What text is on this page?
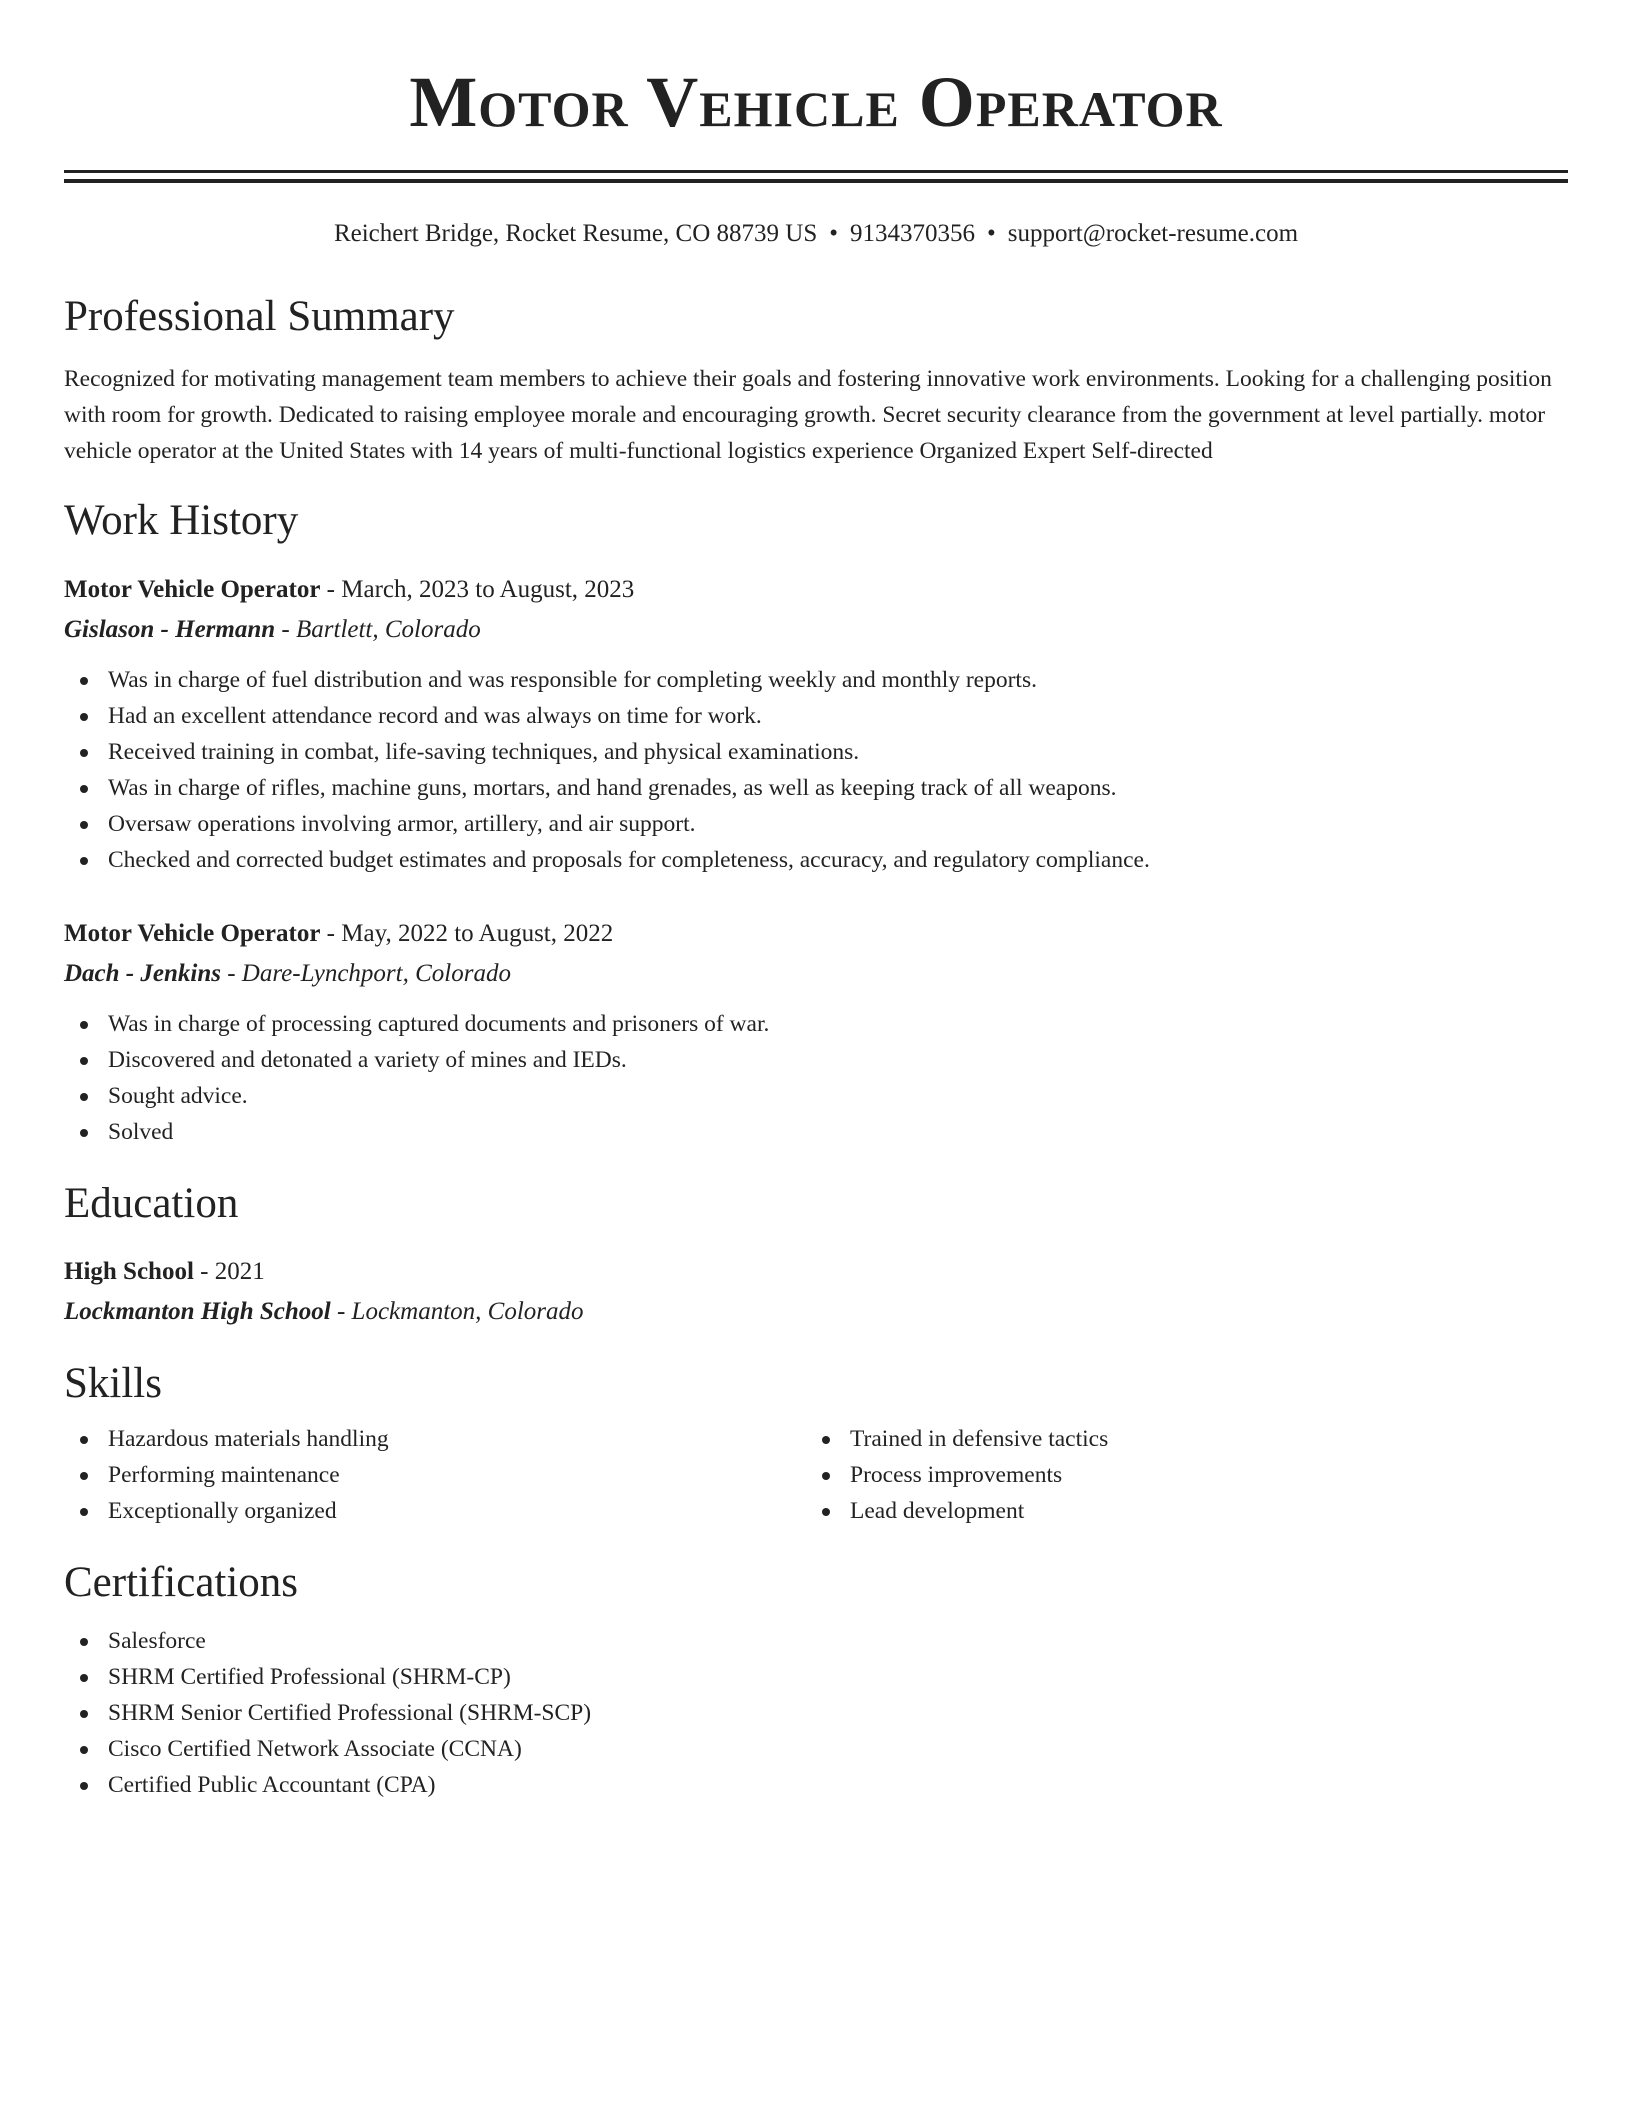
Motor Vehicle Operator
Reichert Bridge, Rocket Resume, CO 88739 US • 9134370356 • support@rocket-resume.com
Professional Summary
Recognized for motivating management team members to achieve their goals and fostering innovative work environments. Looking for a challenging position with room for growth. Dedicated to raising employee morale and encouraging growth. Secret security clearance from the government at level partially. motor vehicle operator at the United States with 14 years of multi-functional logistics experience Organized Expert Self-directed
Work History
Motor Vehicle Operator - March, 2023 to August, 2023
Gislason - Hermann - Bartlett, Colorado
Was in charge of fuel distribution and was responsible for completing weekly and monthly reports.
Had an excellent attendance record and was always on time for work.
Received training in combat, life-saving techniques, and physical examinations.
Was in charge of rifles, machine guns, mortars, and hand grenades, as well as keeping track of all weapons.
Oversaw operations involving armor, artillery, and air support.
Checked and corrected budget estimates and proposals for completeness, accuracy, and regulatory compliance.
Motor Vehicle Operator - May, 2022 to August, 2022
Dach - Jenkins - Dare-Lynchport, Colorado
Was in charge of processing captured documents and prisoners of war.
Discovered and detonated a variety of mines and IEDs.
Sought advice.
Solved
Education
High School - 2021
Lockmanton High School - Lockmanton, Colorado
Skills
Hazardous materials handling
Performing maintenance
Exceptionally organized
Trained in defensive tactics
Process improvements
Lead development
Certifications
Salesforce
SHRM Certified Professional (SHRM-CP)
SHRM Senior Certified Professional (SHRM-SCP)
Cisco Certified Network Associate (CCNA)
Certified Public Accountant (CPA)
